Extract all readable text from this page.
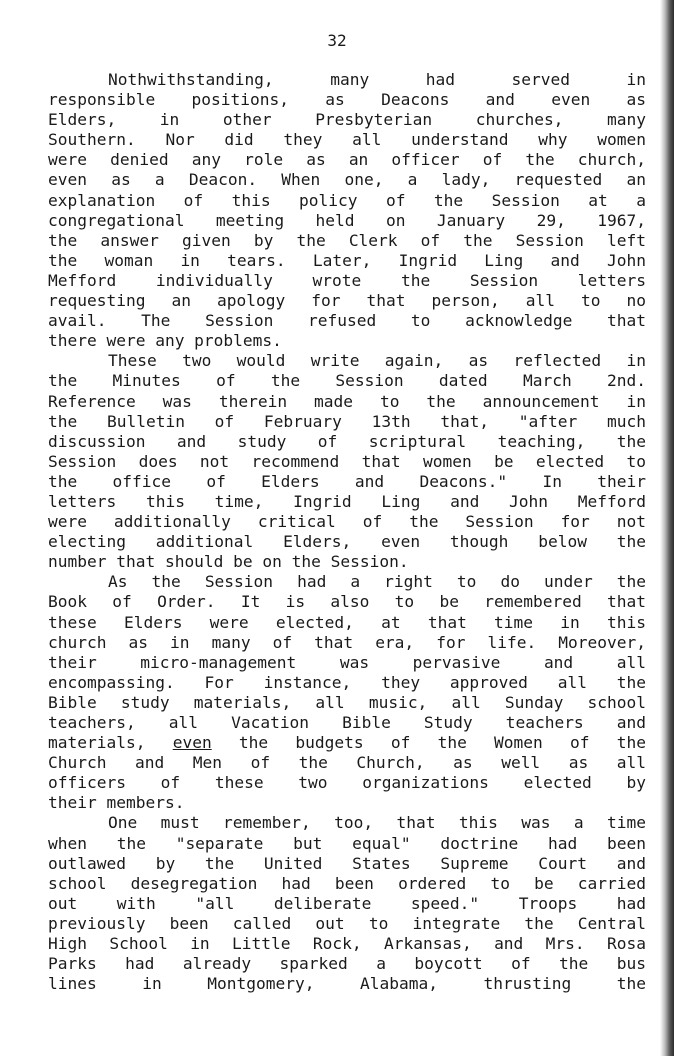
32
Nothwithstanding, many had served in
responsible positions, as Deacons and even as
Elders, in other Presbyterian churches, many
Southern. Nor did they all understand why women
were denied any role as an officer of the church,
even as a Deacon. When one, a lady, requested an
explanation of this policy of the Session at a
congregational meeting held on January 29, 1967,
the answer given by the Clerk of the Session left
the woman in tears. Later, Ingrid Ling and John
Mefford individually wrote the Session letters
requesting an apology for that person, all to no
avail. The Session refused to acknowledge that
there were any problems.
These two would write again, as reflected in
the Minutes of the Session dated March 2nd.
Reference was therein made to the announcement in
the Bulletin of February 13th that, "after much
discussion and study of scriptural teaching, the
Session does not recommend that women be elected to
the office of Elders and Deacons." In their
letters this time, Ingrid Ling and John Mefford
were additionally critical of the Session for not
electing additional Elders, even though below the
number that should be on the Session.
As the Session had a right to do under the
Book of Order. It is also to be remembered that
these Elders were elected, at that time in this
church as in many of that era, for life. Moreover,
their micro-management was pervasive and all
encompassing. For instance, they approved all the
Bible study materials, all music, all Sunday school
teachers, all Vacation Bible Study teachers and
materials, even the budgets of the Women of the
Church and Men of the Church, as well as all
officers of these two organizations elected by
their members.
One must remember, too, that this was a time
when the "separate but equal" doctrine had been
outlawed by the United States Supreme Court and
school desegregation had been ordered to be carried
out with "all deliberate speed." Troops had
previously been called out to integrate the Central
High School in Little Rock, Arkansas, and Mrs. Rosa
Parks had already sparked a boycott of the bus
lines in Montgomery, Alabama, thrusting the
